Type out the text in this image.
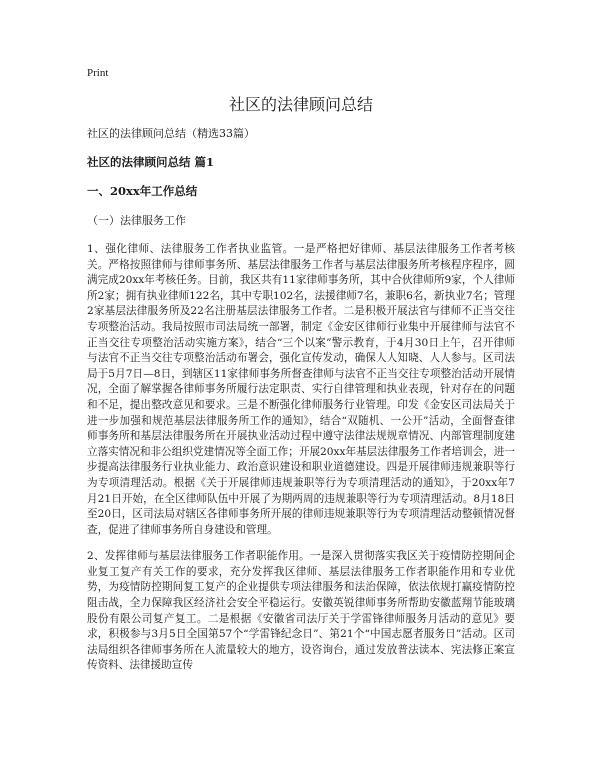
Print
社区的法律顾问总结
社区的法律顾问总结（精选33篇）
社区的法律顾问总结 篇1
一、20xx年工作总结
（一）法律服务工作

1、强化律师、法律服务工作者执业监管。一是严格把好律师、基层法律服务工作者考核关。严格按照律师与律师事务所、基层法律服务工作者与基层法律服务所考核程序程序，圆满完成20xx年考核任务。目前，我区共有11家律师事务所，其中合伙律师所9家，个人律师所2家；拥有执业律师122名，其中专职102名，法援律师7名，兼职6名，新执业7名；管理2家基层法律服务所及22名注册基层法律服务工作者。二是积极开展法官与律师不正当交往专项整治活动。我局按照市司法局统一部署，制定《金安区律师行业集中开展律师与法官不正当交往专项整治活动实施方案》，结合“三个以案”警示教育，于4月30日上午，召开律师与法官不正当交往专项整治活动布署会，强化宣传发动，确保人人知晓、人人参与。区司法局于5月7日—8日，到辖区11家律师事务所督查律师与法官不正当交往专项整治活动开展情况，全面了解掌握各律师事务所履行法定职责、实行自律管理和执业表现，针对存在的问题和不足，提出整改意见和要求。三是不断强化律师服务行业管理。印发《金安区司法局关于进一步加强和规范基层法律服务所工作的通知》，结合“双随机、一公开”活动，全面督查律师事务所和基层法律服务所在开展执业活动过程中遵守法律法规规章情况、内部管理制度建立落实情况和非公组织党建情况等全面工作；开展20xx年基层法律服务工作者培训会，进一步提高法律服务行业执业能力、政治意识建设和职业道德建设。四是开展律师违规兼职等行为专项清理活动。根据《关于开展律师违规兼职等行为专项清理活动的通知》，于20xx年7月21日开始，在全区律师队伍中开展了为期两周的违规兼职等行为专项清理活动。8月18日至20日，区司法局对辖区各律师事务所开展的律师违规兼职等行为专项清理活动整顿情况督查，促进了律师事务所自身建设和管理。

2、发挥律师与基层法律服务工作者职能作用。一是深入贯彻落实我区关于疫情防控期间企业复工复产有关工作的要求，充分发挥我区律师、基层法律服务工作者职能作用和专业优势，为疫情防控期间复工复产的企业提供专项法律服务和法治保障，依法依规打赢疫情防控阻击战，全力保障我区经济社会安全平稳运行。安徽英锐律师事务所帮助安徽蓝翔节能玻璃股份有限公司复产复工。二是根据《安徽省司法厅关于学雷锋律师服务月活动的意见》要求，积极参与3月5日全国第57个“学雷锋纪念日”、第21个“中国志愿者服务日”活动。区司法局组织各律师事务所在人流量较大的地方，设咨询台，通过发放普法读本、宪法修正案宣传资料、法律援助宣传
